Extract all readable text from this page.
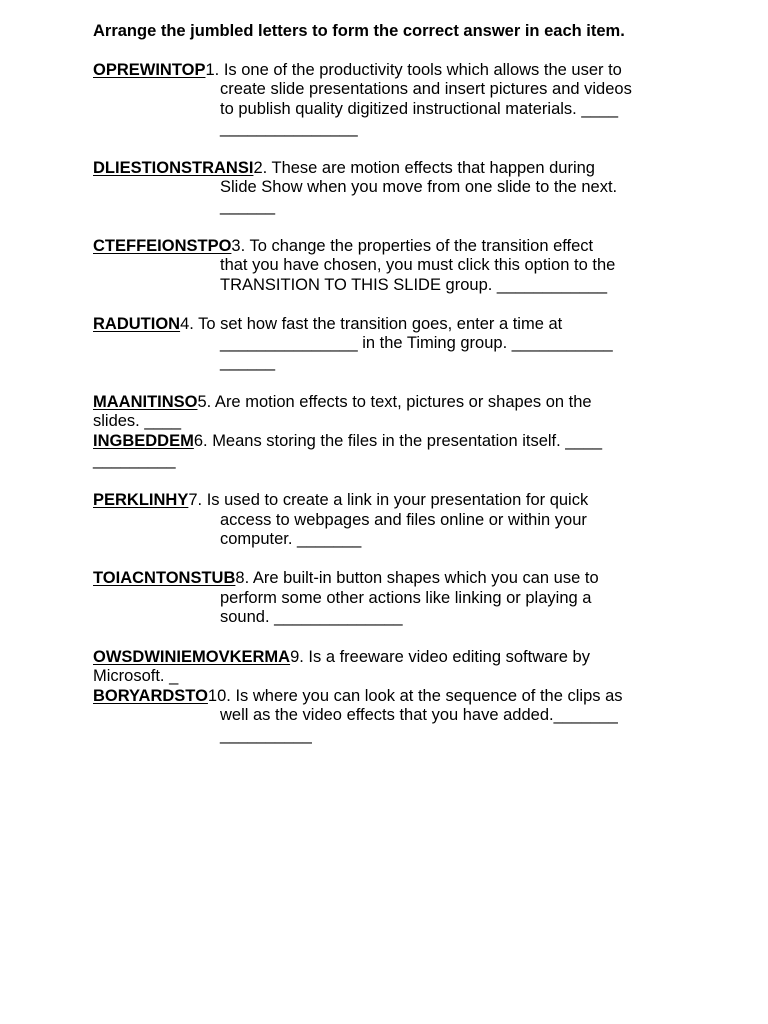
Arrange the jumbled letters to form the correct answer in each item.
OPREWINTOP1. Is one of the productivity tools which allows the user to
create slide presentations and insert pictures and videos
to publish quality digitized instructional materials. ____
_______________
DLIESTIONSTRANSI2. These are motion effects that happen during
Slide Show when you move from one slide to the next.
______
CTEFFEIONSTPO3. To change the properties of the transition effect
that you have chosen, you must click this option to the
TRANSITION TO THIS SLIDE group. ____________
RADUTION4. To set how fast the transition goes, enter a time at
_______________ in the Timing group. ___________
______
MAANITINSO5. Are motion effects to text, pictures or shapes on the
slides. ____
INGBEDDEM6. Means storing the files in the presentation itself. ____
_________
PERKLINHY7. Is used to create a link in your presentation for quick
access to webpages and files online or within your
computer. _______
TOIACNTONSTUB8. Are built-in button shapes which you can use to
perform some other actions like linking or playing a
sound. ______________
OWSDWINIEMOVKERMA9. Is a freeware video editing software by
Microsoft. _
BORYARDSTO10. Is where you can look at the sequence of the clips as
well as the video effects that you have added._______
__________
